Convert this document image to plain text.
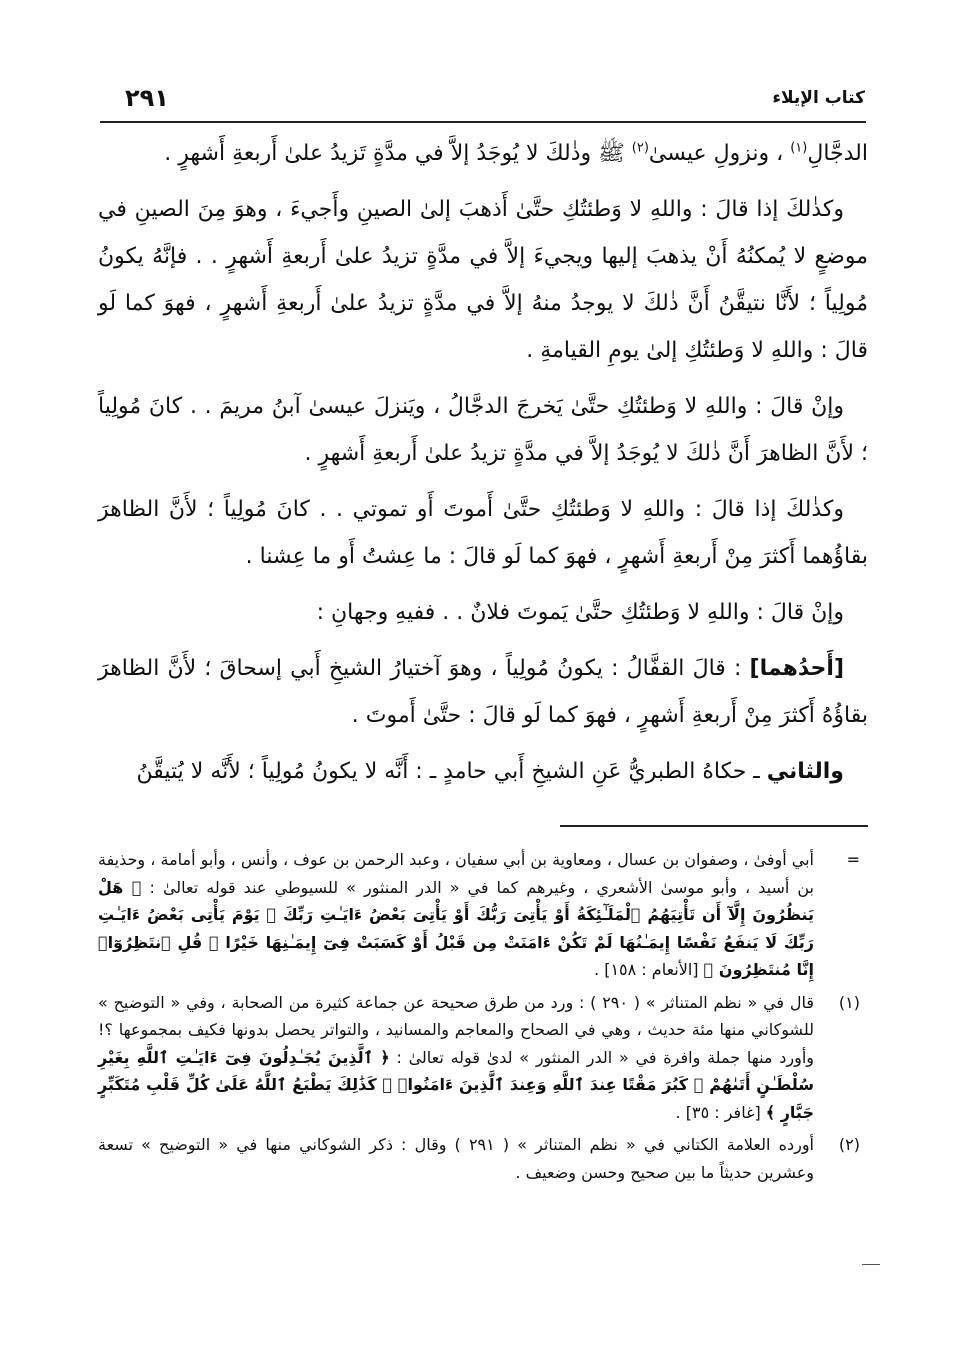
كتاب الإيلاء
٢٩١

الدجَّالِ$^{(١)}$ ، ونزولِ عيسىٰ$^{(٢)}$ ﷺ وذٰلكَ لا يُوجَدُ إلاَّ في مدَّةٍ تَزيدُ علىٰ أَربعةِ أَشهرٍ .

وكذٰلكَ إذا قالَ : واللهِ لا وَطئتُكِ حتَّىٰ أَذهبَ إلىٰ الصينِ وأَجيءَ ، وهوَ مِنَ الصينِ في موضعٍ لا يُمكنُهُ أَنْ يذهبَ إليها ويجيءَ إلاَّ في مدَّةٍ تزيدُ علىٰ أَربعةِ أَشهرٍ . . فإنَّهُ يكونُ مُولِياً ؛ لأَنَّا نتيقَّنُ أَنَّ ذٰلكَ لا يوجدُ منهُ إلاَّ في مدَّةٍ تزيدُ علىٰ أَربعةِ أَشهرٍ ، فهوَ كما لَو قالَ : واللهِ لا وَطئتُكِ إلىٰ يومِ القيامةِ .

وإنْ قالَ : واللهِ لا وَطئتُكِ حتَّىٰ يَخرجَ الدجَّالُ ، ويَنزلَ عيسىٰ آبنُ مريمَ . . كانَ مُولِياً ؛ لأَنَّ الظاهرَ أَنَّ ذٰلكَ لا يُوجَدُ إلاَّ في مدَّةٍ تزيدُ علىٰ أَربعةِ أَشهرٍ .

وكذٰلكَ إذا قالَ : واللهِ لا وَطئتُكِ حتَّىٰ أَموتَ أَو تموتي . . كانَ مُولِياً ؛ لأَنَّ الظاهرَ بقاؤُهما أَكثرَ مِنْ أَربعةِ أَشهرٍ ، فهوَ كما لَو قالَ : ما عِشتُ أَو ما عِشنا .

وإنْ قالَ : واللهِ لا وَطئتُكِ حتَّىٰ يَموتَ فلانٌ . . ففيهِ وجهانِ :

[أَحدُهما] : قالَ القفَّالُ : يكونُ مُولِياً ، وهوَ آختيارُ الشيخِ أَبي إسحاقَ ؛ لأَنَّ الظاهرَ بقاؤُهُ أَكثرَ مِنْ أَربعةِ أَشهرٍ ، فهوَ كما لَو قالَ : حتَّىٰ أَموتَ .

والثاني ـ حكاهُ الطبريُّ عَنِ الشيخِ أَبي حامدٍ ـ : أَنَّه لا يكونُ مُولِياً ؛ لأَنَّه لا يُتيقَّنُ

=
أبي أوفىٰ ، وصفوان بن عسال ، ومعاوية بن أبي سفيان ، وعبد الرحمن بن عوف ، وأنس ، وأبو أمامة ، وحذيفة بن أسيد ، وأبو موسىٰ الأشعري ، وغيرهم كما في « الدر المنثور » للسيوطي عند قوله تعالىٰ : ﴿ هَلْ يَنظُرُونَ إِلَّآ أَن تَأْتِيَهُمُ ٱلْمَلَـٰٓئِكَةُ أَوْ يَأْتِىَ رَبُّكَ أَوْ يَأْتِىَ بَعْضُ ءَايَـٰتِ رَبِّكَ ۗ يَوْمَ يَأْتِى بَعْضُ ءَايَـٰتِ رَبِّكَ لَا يَنفَعُ نَفْسًا إِيمَـٰنُهَا لَمْ تَكُنْ ءَامَنَتْ مِن قَبْلُ أَوْ كَسَبَتْ فِىٓ إِيمَـٰنِهَا خَيْرًا ۗ قُلِ ٱنتَظِرُوٓا۟ إِنَّا مُنتَظِرُونَ ﴾ [الأنعام : ١٥٨] .
(١)
قال في « نظم المتناثر » ( ٢٩٠ ) : ورد من طرق صحيحة عن جماعة كثيرة من الصحابة ، وفي « التوضيح » للشوكاني منها مئة حديث ، وهي في الصحاح والمعاجم والمسانيد ، والتواتر يحصل بدونها فكيف بمجموعها ؟! وأورد منها جملة وافرة في « الدر المنثور » لدىٰ قوله تعالىٰ : ﴿ ٱلَّذِينَ يُجَـٰدِلُونَ فِىٓ ءَايَـٰتِ ٱللَّهِ بِغَيْرِ سُلْطَـٰنٍ أَتَىٰهُمْ ۖ كَبُرَ مَقْتًا عِندَ ٱللَّهِ وَعِندَ ٱلَّذِينَ ءَامَنُوا۟ ۚ كَذَٰلِكَ يَطْبَعُ ٱللَّهُ عَلَىٰ كُلِّ قَلْبِ مُتَكَبِّرٍ جَبَّارٍ ﴾ [غافر : ٣٥] .
(٢)
أورده العلامة الكتاني في « نظم المتناثر » ( ٢٩١ ) وقال : ذكر الشوكاني منها في « التوضيح » تسعة وعشرين حديثاً ما بين صحيح وحسن وضعيف .
